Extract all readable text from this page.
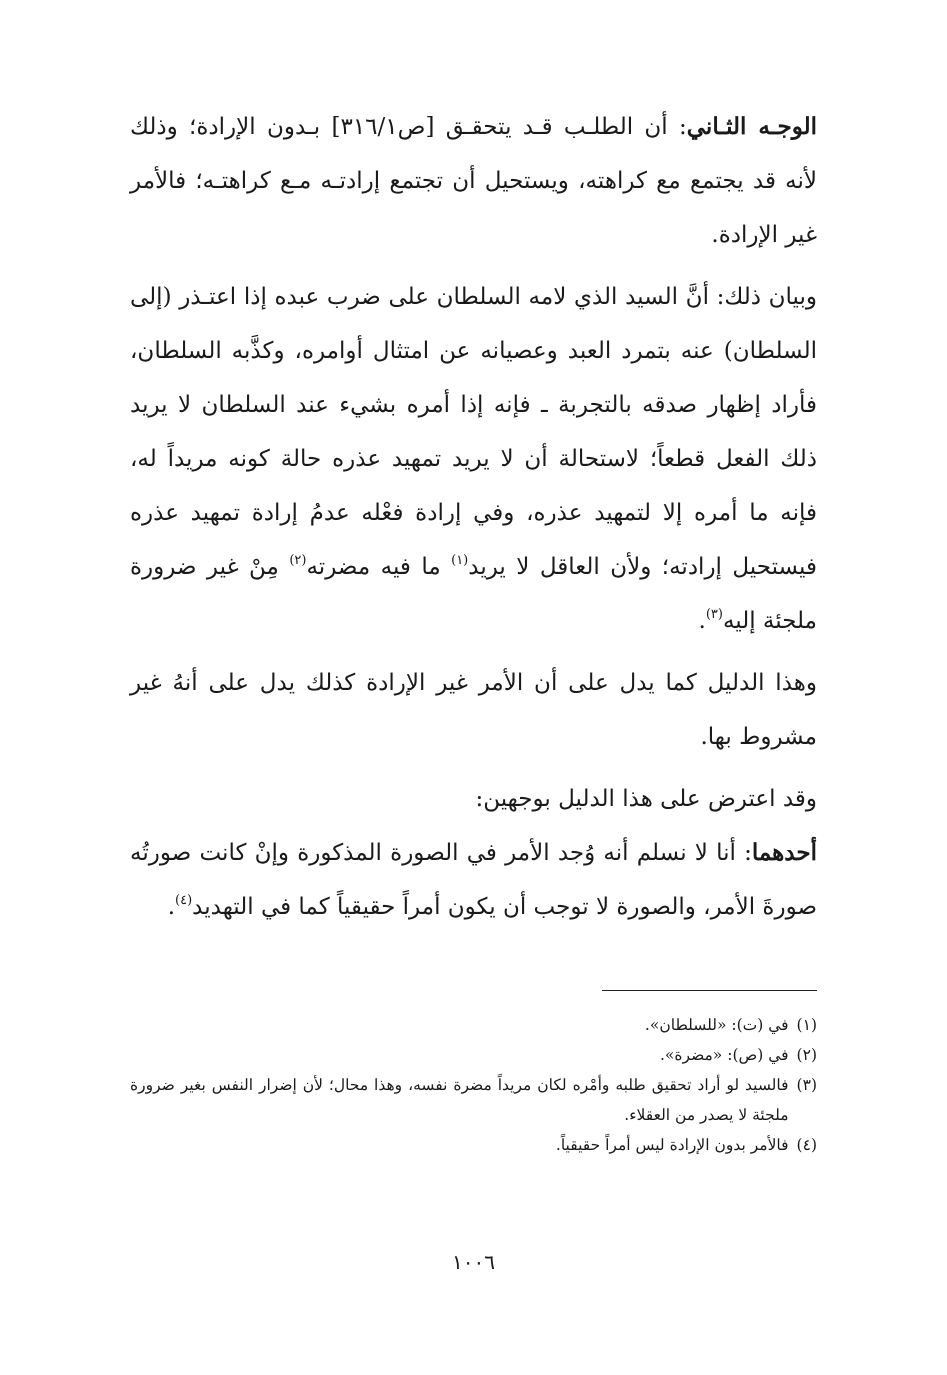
الوجـه الثـاني: أن الطلـب قـد يتحقـق [ص٣١٦/١] بـدون الإرادة؛ وذلك لأنه قد يجتمع مع كراهته، ويستحيل أن تجتمع إرادتـه مـع كراهتـه؛ فالأمر غير الإرادة.

وبيان ذلك: أنَّ السيد الذي لامه السلطان على ضرب عبده إذا اعتـذر (إلى السلطان) عنه بتمرد العبد وعصيانه عن امتثال أوامره، وكذَّبه السلطان، فأراد إظهار صدقه بالتجربة ـ فإنه إذا أمره بشيء عند السلطان لا يريد ذلك الفعل قطعاً؛ لاستحالة أن لا يريد تمهيد عذره حالة كونه مريداً له، فإنه ما أمره إلا لتمهيد عذره، وفي إرادة فعْله عدمُ إرادة تمهيد عذره فيستحيل إرادته؛ ولأن العاقل لا يريد$^{(١)}$ ما فيه مضرته$^{(٢)}$ مِنْ غير ضرورة ملجئة إليه$^{(٣)}$.

وهذا الدليل كما يدل على أن الأمر غير الإرادة كذلك يدل على أنهُ غير مشروط بها.

وقد اعترض على هذا الدليل بوجهين:

أحدهما: أنا لا نسلم أنه وُجد الأمر في الصورة المذكورة وإنْ كانت صورتُه صورةَ الأمر، والصورة لا توجب أن يكون أمراً حقيقياً كما في التهديد$^{(٤)}$.

(١)
في (ت): «للسلطان».
(٢)
في (ص): «مضرة».
(٣)
فالسيد لو أراد تحقيق طلبه وأمْره لكان مريداً مضرة نفسه، وهذا محال؛ لأن إضرار النفس بغير ضرورة ملجئة لا يصدر من العقلاء.
(٤)
فالأمر بدون الإرادة ليس أمراً حقيقياً.
١٠٠٦
